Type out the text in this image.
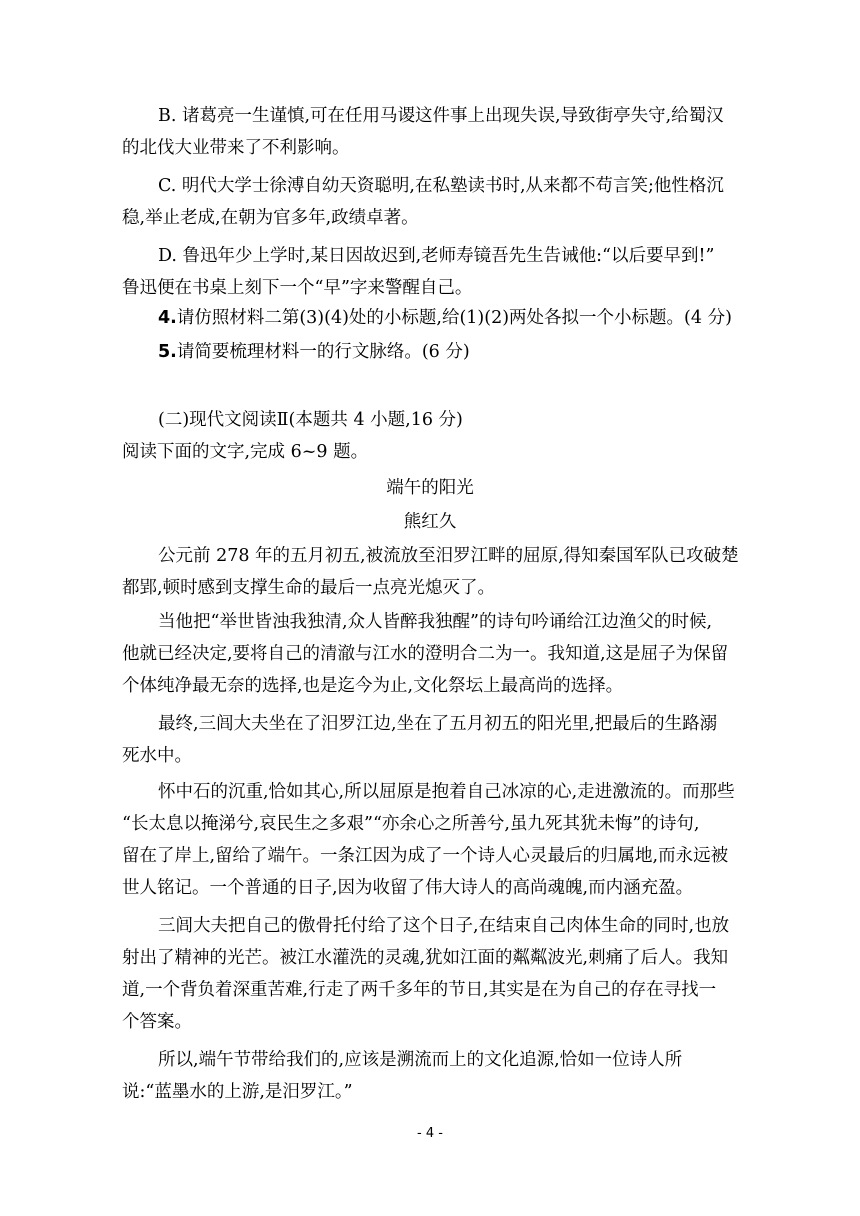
B. 诸葛亮一生谨慎,可在任用马谡这件事上出现失误,导致街亭失守,给蜀汉
的北伐大业带来了不利影响。
C. 明代大学士徐溥自幼天资聪明,在私塾读书时,从来都不苟言笑;他性格沉
稳,举止老成,在朝为官多年,政绩卓著。
D. 鲁迅年少上学时,某日因故迟到,老师寿镜吾先生告诫他:“以后要早到!”
鲁迅便在书桌上刻下一个“早”字来警醒自己。
4.请仿照材料二第(3)(4)处的小标题,给(1)(2)两处各拟一个小标题。(4 分)
5.请简要梳理材料一的行文脉络。(6 分)
(二)现代文阅读Ⅱ(本题共 4 小题,16 分)
阅读下面的文字,完成 6~9 题。
端午的阳光
熊红久
公元前 278 年的五月初五,被流放至汨罗江畔的屈原,得知秦国军队已攻破楚
都郢,顿时感到支撑生命的最后一点亮光熄灭了。
当他把“举世皆浊我独清,众人皆醉我独醒”的诗句吟诵给江边渔父的时候,
他就已经决定,要将自己的清澈与江水的澄明合二为一。我知道,这是屈子为保留
个体纯净最无奈的选择,也是迄今为止,文化祭坛上最高尚的选择。
最终,三闾大夫坐在了汨罗江边,坐在了五月初五的阳光里,把最后的生路溺
死水中。
怀中石的沉重,恰如其心,所以屈原是抱着自己冰凉的心,走进激流的。而那些
“长太息以掩涕兮,哀民生之多艰”“亦余心之所善兮,虽九死其犹未悔”的诗句,
留在了岸上,留给了端午。一条江因为成了一个诗人心灵最后的归属地,而永远被
世人铭记。一个普通的日子,因为收留了伟大诗人的高尚魂魄,而内涵充盈。
三闾大夫把自己的傲骨托付给了这个日子,在结束自己肉体生命的同时,也放
射出了精神的光芒。被江水灌洗的灵魂,犹如江面的粼粼波光,刺痛了后人。我知
道,一个背负着深重苦难,行走了两千多年的节日,其实是在为自己的存在寻找一
个答案。
所以,端午节带给我们的,应该是溯流而上的文化追源,恰如一位诗人所
说:“蓝墨水的上游,是汨罗江。”
- 4 -
